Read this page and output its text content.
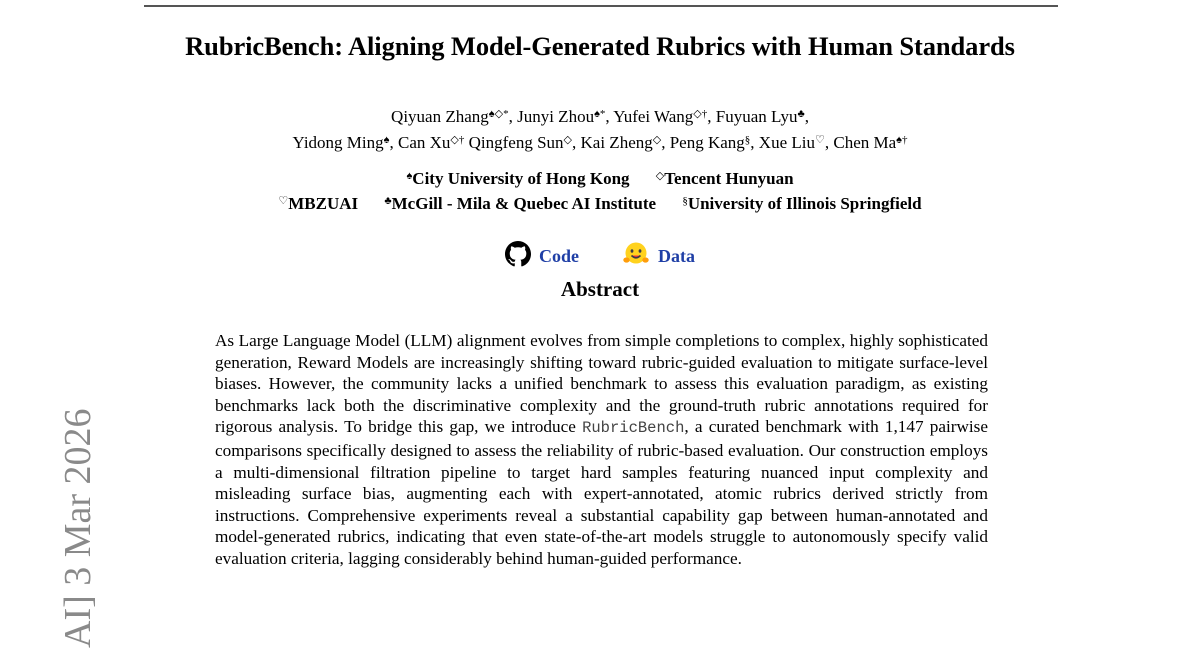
RubricBench: Aligning Model-Generated Rubrics with Human Standards
Qiyuan Zhang♠◇*, Junyi Zhou♠*, Yufei Wang◇†, Fuyuan Lyu♣,
Yidong Ming♠, Can Xu◇† Qingfeng Sun◇, Kai Zheng◇, Peng Kang§, Xue Liu♡, Chen Ma♠†
♠City University of Hong Kong ◇Tencent Hunyuan
♡MBZUAI ♣McGill - Mila & Quebec AI Institute §University of Illinois Springfield
Code	Data
Abstract
As Large Language Model (LLM) alignment evolves from simple completions to complex, highly sophisticated generation, Reward Models are increasingly shifting toward rubric-guided evaluation to mitigate surface-level biases. However, the community lacks a unified benchmark to assess this evaluation paradigm, as existing benchmarks lack both the discriminative complexity and the ground-truth rubric annotations required for rigorous analysis. To bridge this gap, we introduce RubricBench, a curated benchmark with 1,147 pairwise comparisons specifically designed to assess the reliability of rubric-based evaluation. Our construction employs a multi-dimensional filtration pipeline to target hard samples featuring nuanced input complexity and misleading surface bias, augmenting each with expert-annotated, atomic rubrics derived strictly from instructions. Comprehensive experiments reveal a substantial capability gap between human-annotated and model-generated rubrics, indicating that even state-of-the-art models struggle to autonomously specify valid evaluation criteria, lagging considerably behind human-guided performance.
AI] 3 Mar 2026
